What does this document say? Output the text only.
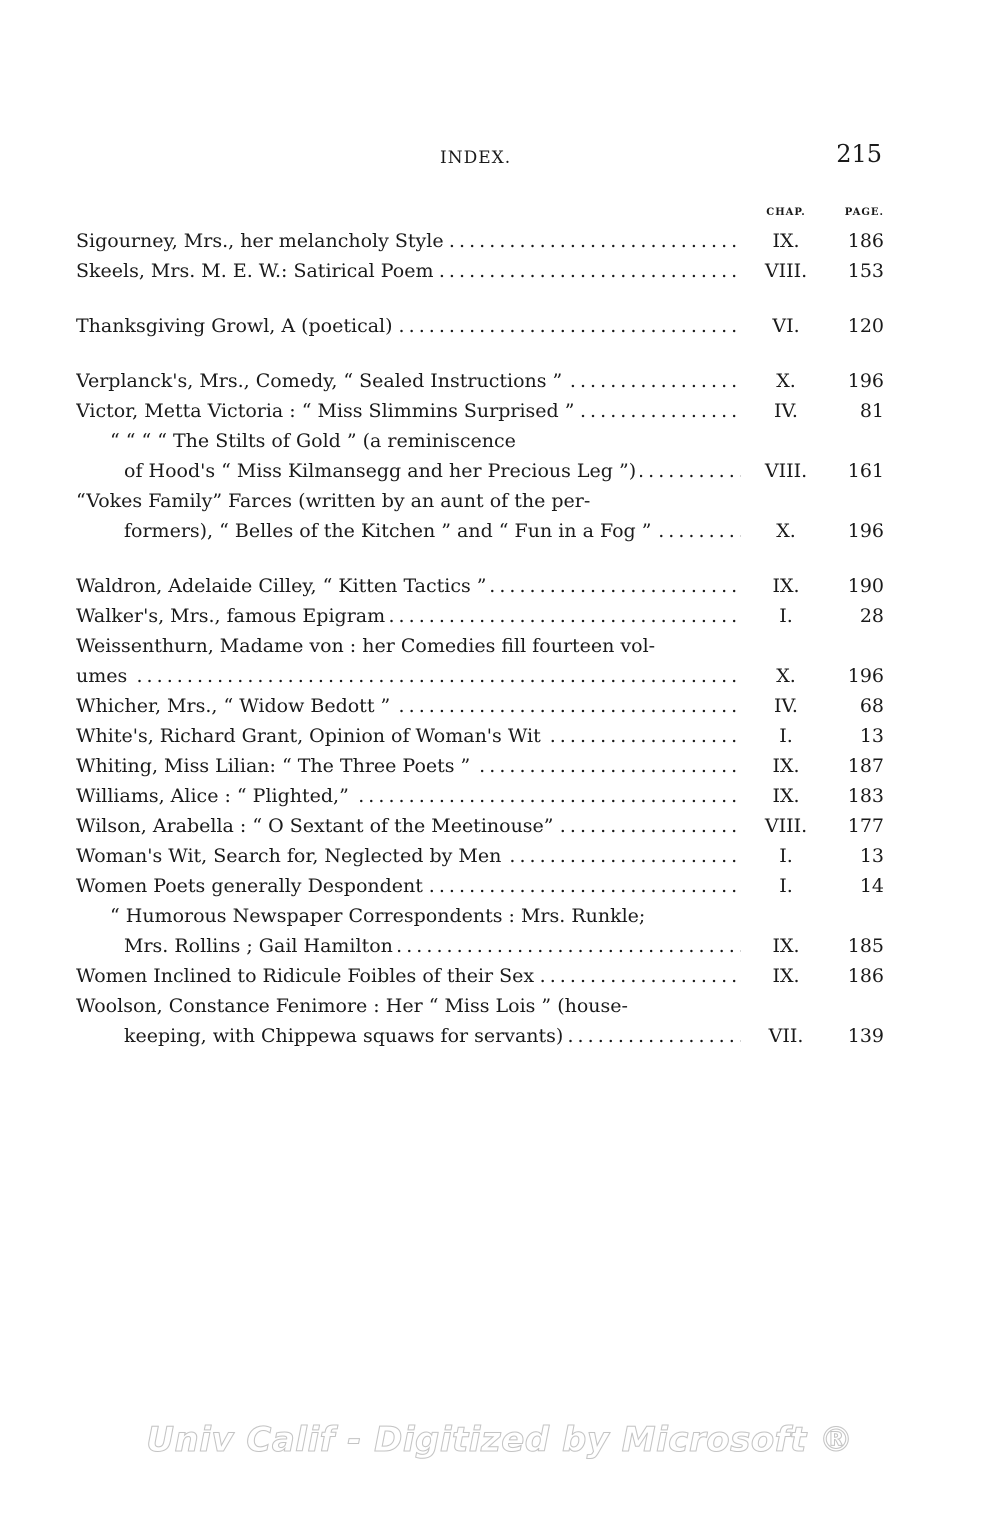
INDEX.	215
CHAP.	PAGE.
Sigourney, Mrs., her melancholy Style . . .	IX.	186
Skeels, Mrs. M. E. W.: Satirical Poem . . .	VIII.	153
Thanksgiving Growl, A (poetical) . . .	VI.	120
Verplanck's, Mrs., Comedy, “ Sealed Instructions ” . . .	X.	196
Victor, Metta Victoria : “ Miss Slimmins Surprised ” . . .	IV.	81
“ “ “ “ The Stilts of Gold ” (a reminiscence
of Hood's “ Miss Kilmansegg and her Precious Leg ”) . . .	VIII.	161
“Vokes Family” Farces (written by an aunt of the per-
formers), “ Belles of the Kitchen ” and “ Fun in a Fog ” . . .	X.	196
Waldron, Adelaide Cilley, “ Kitten Tactics ” . . .	IX.	190
Walker's, Mrs., famous Epigram . . .	I.	28
Weissenthurn, Madame von : her Comedies fill fourteen vol-
umes . . .	X.	196
Whicher, Mrs., “ Widow Bedott ” . . .	IV.	68
White's, Richard Grant, Opinion of Woman's Wit . . .	I.	13
Whiting, Miss Lilian: “ The Three Poets ” . . .	IX.	187
Williams, Alice : “ Plighted,” . . .	IX.	183
Wilson, Arabella : “ O Sextant of the Meetinouse” . . .	VIII.	177
Woman's Wit, Search for, Neglected by Men . . .	I.	13
Women Poets generally Despondent . . .	I.	14
“ Humorous Newspaper Correspondents : Mrs. Runkle;
Mrs. Rollins ; Gail Hamilton . . .	IX.	185
Women Inclined to Ridicule Foibles of their Sex . . .	IX.	186
Woolson, Constance Fenimore : Her “ Miss Lois ” (house-
keeping, with Chippewa squaws for servants) . . .	VII.	139
Univ Calif - Digitized by Microsoft ®
